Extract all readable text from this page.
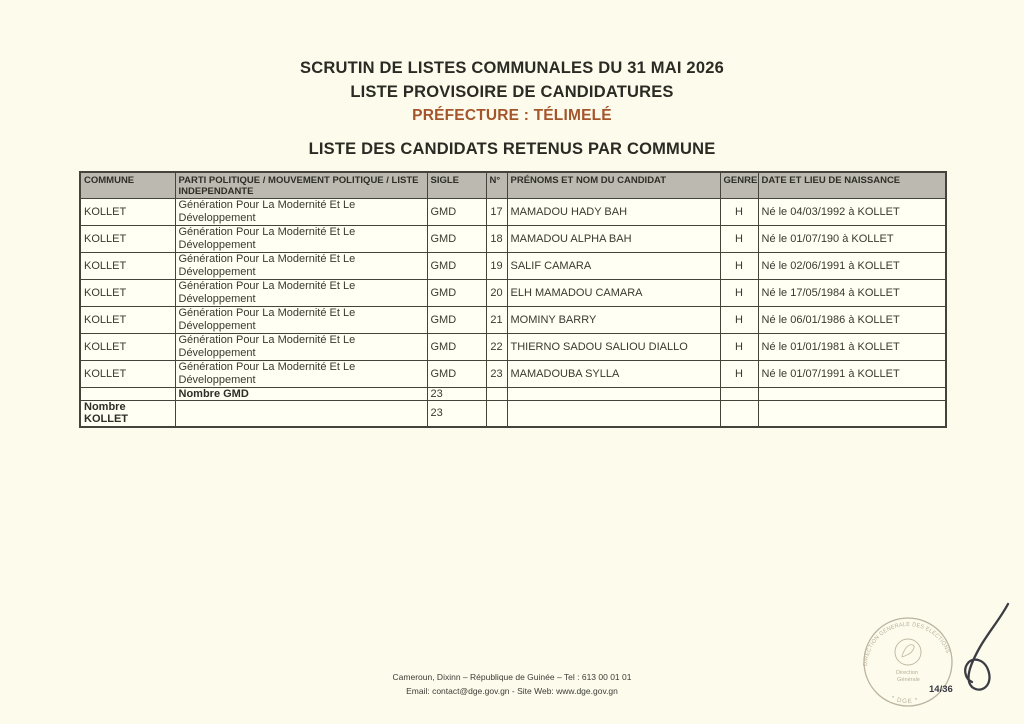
SCRUTIN DE LISTES COMMUNALES DU 31 MAI 2026
LISTE PROVISOIRE DE CANDIDATURES
PRÉFECTURE : TÉLIMELÉ
LISTE DES CANDIDATS RETENUS PAR COMMUNE
COMMUNE	PARTI POLITIQUE / MOUVEMENT POLITIQUE / LISTE INDEPENDANTE	SIGLE	N°	PRÉNOMS ET NOM DU CANDIDAT	GENRE	DATE ET LIEU DE NAISSANCE
KOLLET	Génération Pour La Modernité Et Le Développement	GMD	17	MAMADOU HADY BAH	H	Né le 04/03/1992 à KOLLET
KOLLET	Génération Pour La Modernité Et Le Développement	GMD	18	MAMADOU ALPHA BAH	H	Né le 01/07/190 à KOLLET
KOLLET	Génération Pour La Modernité Et Le Développement	GMD	19	SALIF CAMARA	H	Né le 02/06/1991 à KOLLET
KOLLET	Génération Pour La Modernité Et Le Développement	GMD	20	ELH MAMADOU CAMARA	H	Né le 17/05/1984 à KOLLET
KOLLET	Génération Pour La Modernité Et Le Développement	GMD	21	MOMINY BARRY	H	Né le 06/01/1986 à KOLLET
KOLLET	Génération Pour La Modernité Et Le Développement	GMD	22	THIERNO SADOU SALIOU DIALLO	H	Né le 01/01/1981 à KOLLET
KOLLET	Génération Pour La Modernité Et Le Développement	GMD	23	MAMADOUBA SYLLA	H	Né le 01/07/1991 à KOLLET
	Nombre GMD	23				
Nombre KOLLET		23				
DIRECTION GENERALE DES ELECTIONS
* DGE *
Direction
Générale
14/36
Cameroun, Dixinn – République de Guinée – Tel : 613 00 01 01
Email: contact@dge.gov.gn - Site Web: www.dge.gov.gn
